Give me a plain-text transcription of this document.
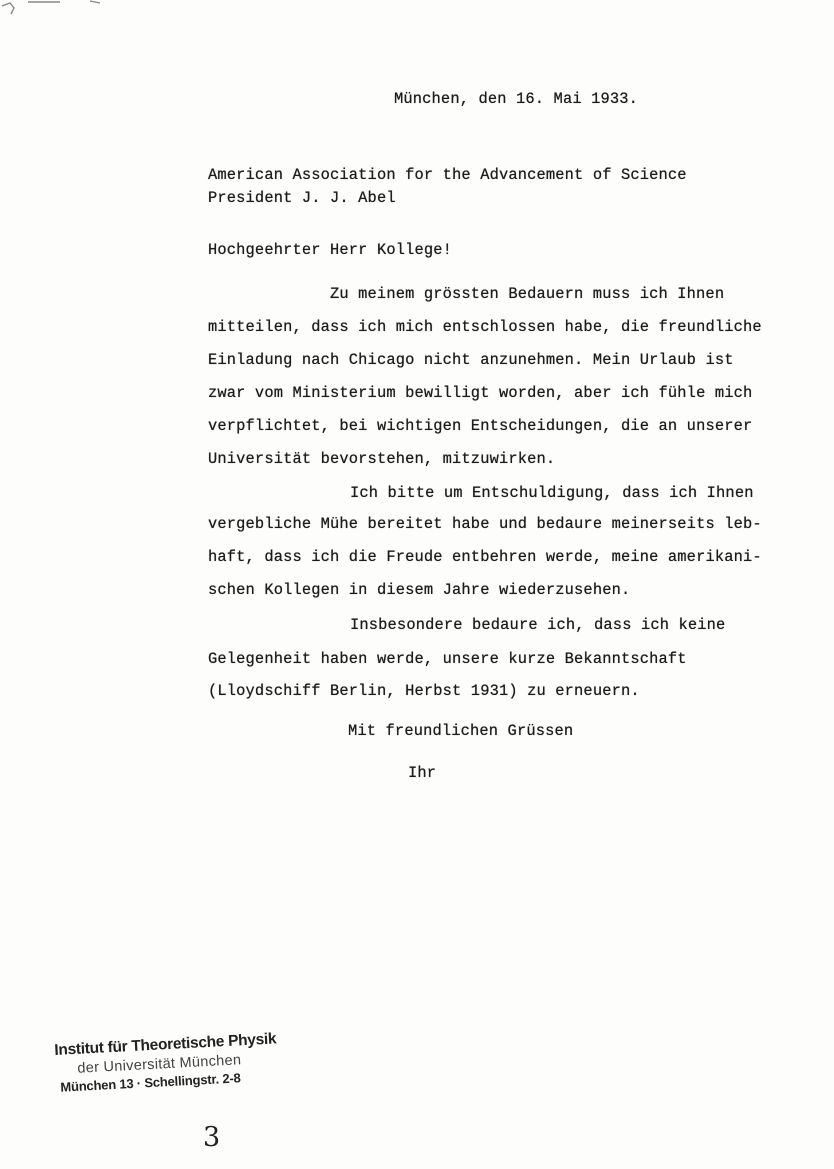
München, den 16. Mai 1933.
American Association for the Advancement of Science
President J. J. Abel
Hochgeehrter Herr Kollege!
Zu meinem grössten Bedauern muss ich Ihnen
mitteilen, dass ich mich entschlossen habe, die freundliche
Einladung nach Chicago nicht anzunehmen. Mein Urlaub ist
zwar vom Ministerium bewilligt worden, aber ich fühle mich
verpflichtet, bei wichtigen Entscheidungen, die an unserer
Universität bevorstehen, mitzuwirken.
Ich bitte um Entschuldigung, dass ich Ihnen
vergebliche Mühe bereitet habe und bedaure meinerseits leb-
haft, dass ich die Freude entbehren werde, meine amerikani-
schen Kollegen in diesem Jahre wiederzusehen.
Insbesondere bedaure ich, dass ich keine
Gelegenheit haben werde, unsere kurze Bekanntschaft
(Lloydschiff Berlin, Herbst 1931) zu erneuern.
Mit freundlichen Grüssen
Ihr
Institut für Theoretische Physik
der Universität München
München 13 · Schellingstr. 2-8
3
